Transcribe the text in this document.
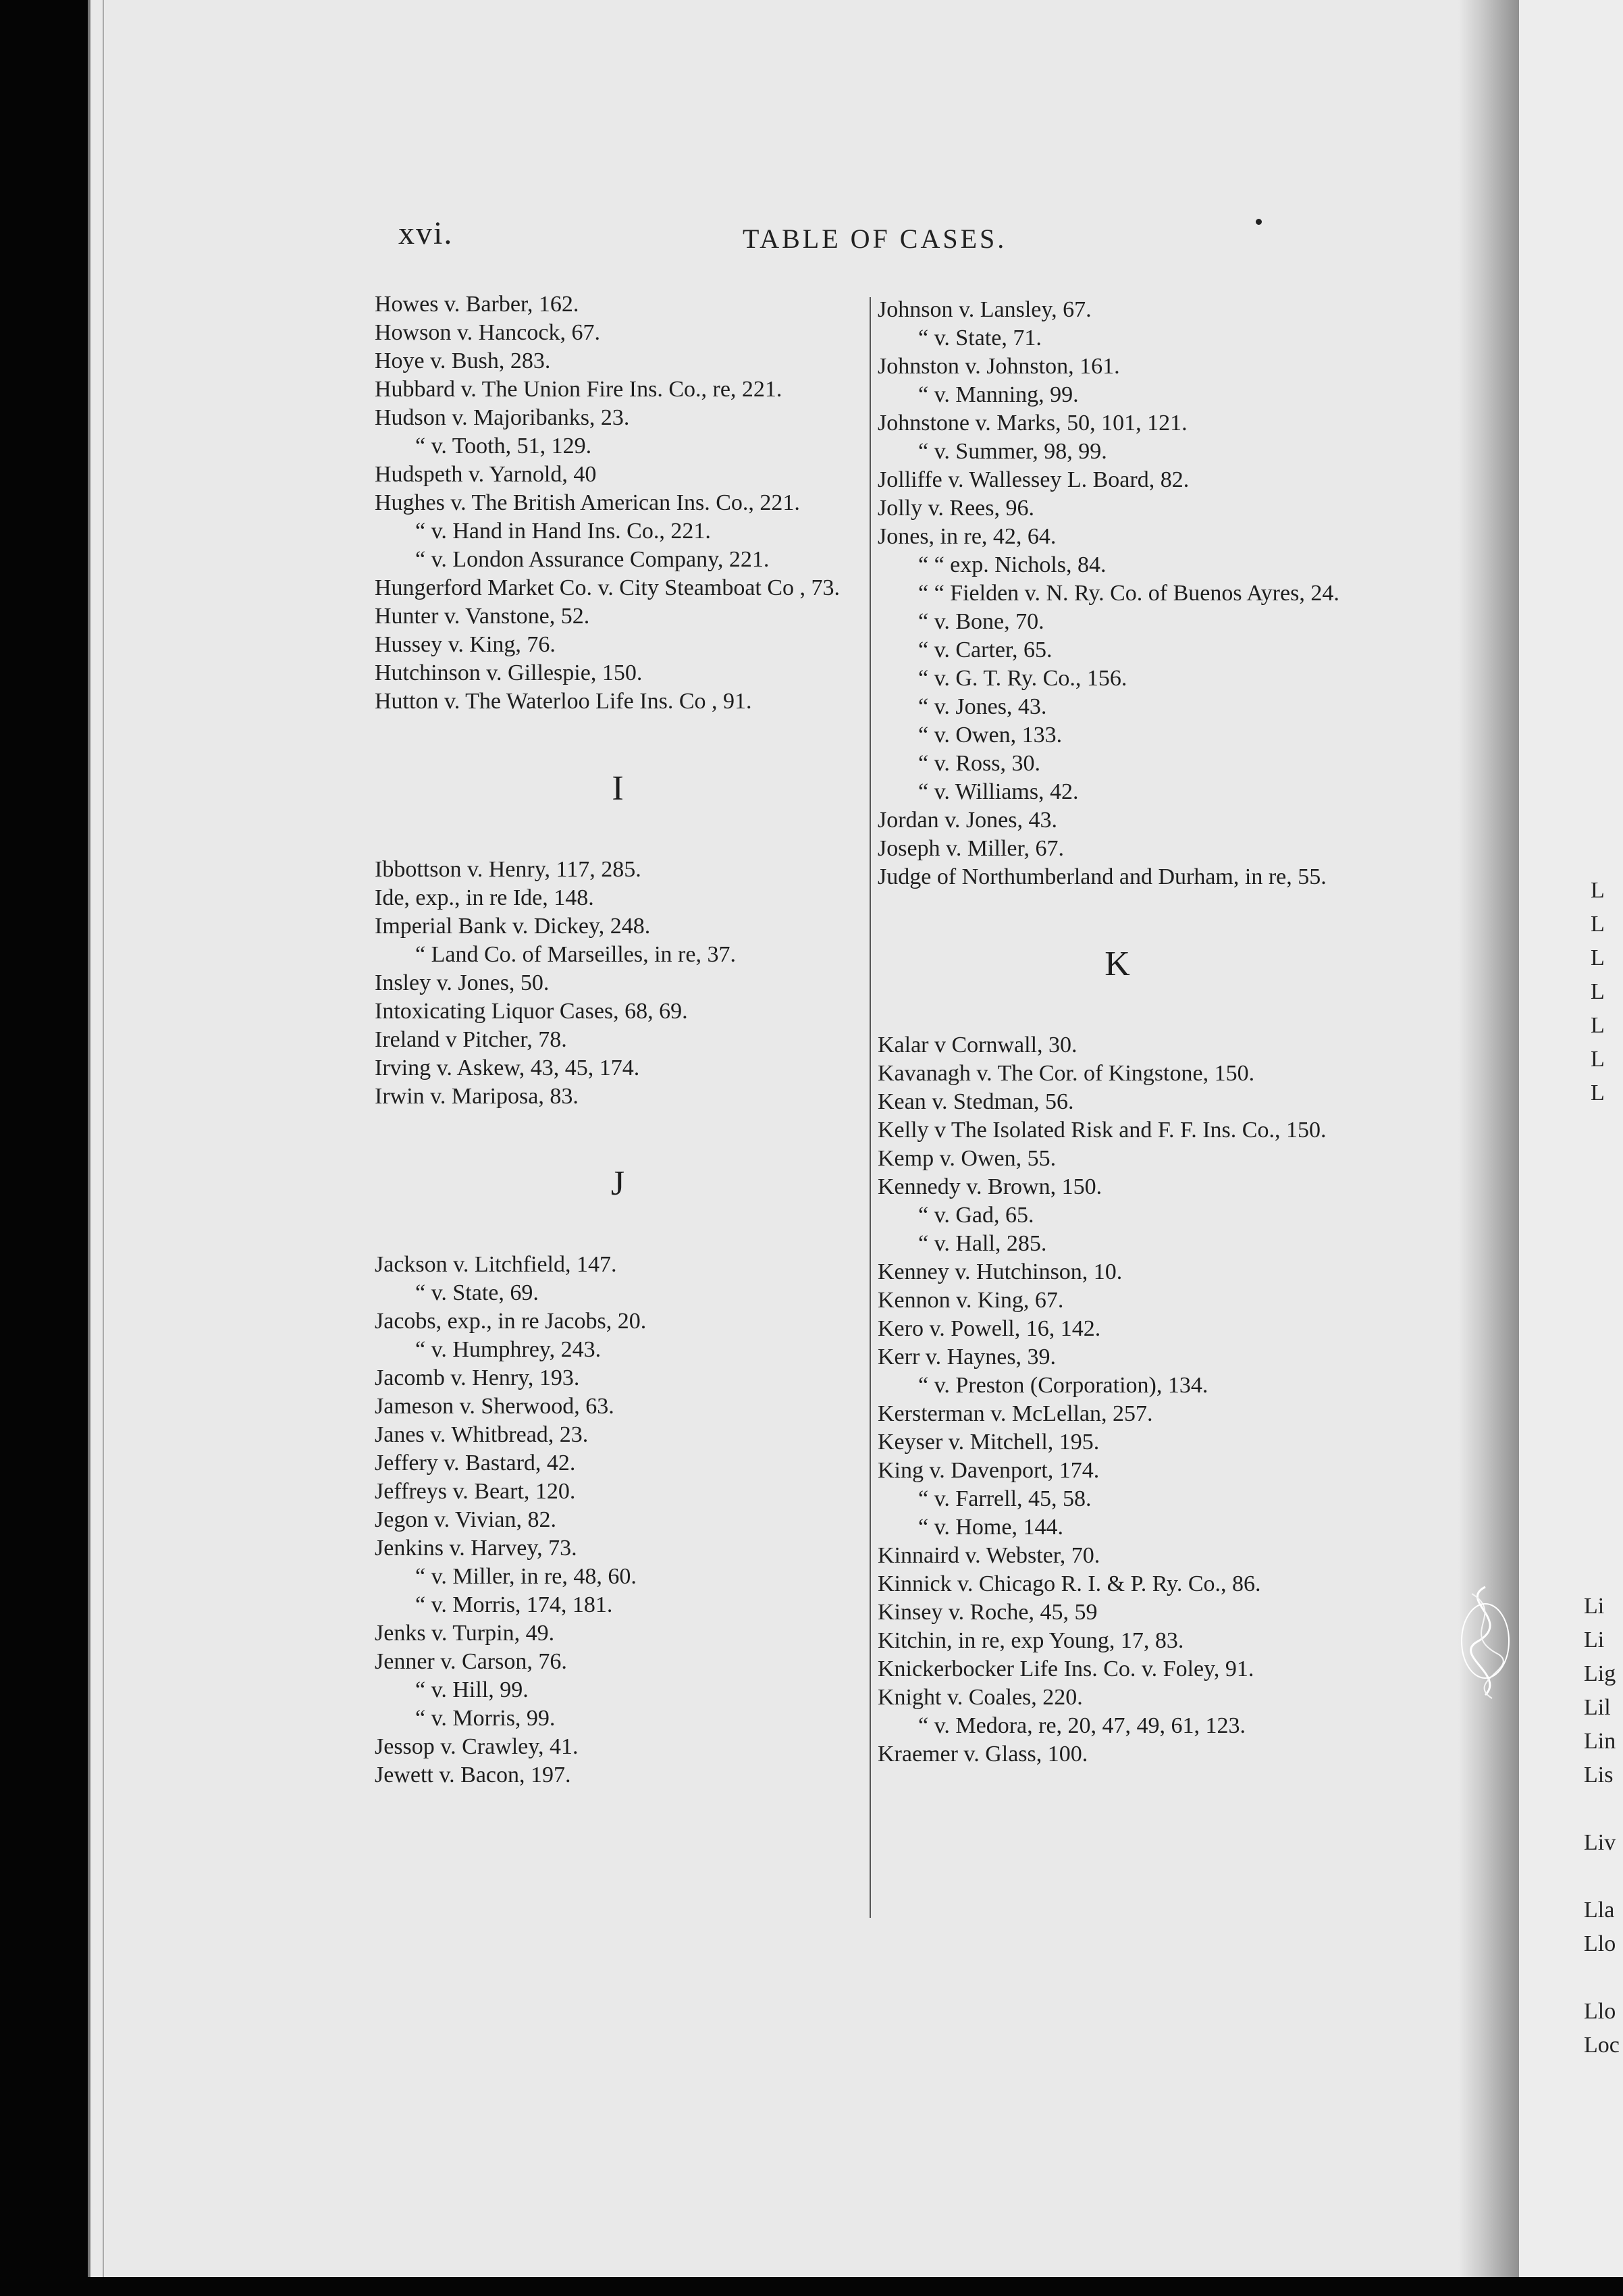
xvi.	TABLE OF CASES.

Howes v. Barber, 162.

Howson v. Hancock, 67.

Hoye v. Bush, 283.

Hubbard v. The Union Fire Ins. Co., re, 221.

Hudson v. Majoribanks, 23.

“ v. Tooth, 51, 129.

Hudspeth v. Yarnold, 40

Hughes v. The British American Ins. Co., 221.

“ v. Hand in Hand Ins. Co., 221.

“ v. London Assurance Company, 221.

Hungerford Market Co. v. City Steamboat Co , 73.

Hunter v. Vanstone, 52.

Hussey v. King, 76.

Hutchinson v. Gillespie, 150.

Hutton v. The Waterloo Life Ins. Co , 91.

I

Ibbottson v. Henry, 117, 285.

Ide, exp., in re Ide, 148.

Imperial Bank v. Dickey, 248.

“ Land Co. of Marseilles, in re, 37.

Insley v. Jones, 50.

Intoxicating Liquor Cases, 68, 69.

Ireland v Pitcher, 78.

Irving v. Askew, 43, 45, 174.

Irwin v. Mariposa, 83.

J

Jackson v. Litchfield, 147.

“ v. State, 69.

Jacobs, exp., in re Jacobs, 20.

“ v. Humphrey, 243.

Jacomb v. Henry, 193.

Jameson v. Sherwood, 63.

Janes v. Whitbread, 23.

Jeffery v. Bastard, 42.

Jeffreys v. Beart, 120.

Jegon v. Vivian, 82.

Jenkins v. Harvey, 73.

“ v. Miller, in re, 48, 60.

“ v. Morris, 174, 181.

Jenks v. Turpin, 49.

Jenner v. Carson, 76.

“ v. Hill, 99.

“ v. Morris, 99.

Jessop v. Crawley, 41.

Jewett v. Bacon, 197.

Johnson v. Lansley, 67.

“ v. State, 71.

Johnston v. Johnston, 161.

“ v. Manning, 99.

Johnstone v. Marks, 50, 101, 121.

“ v. Summer, 98, 99.

Jolliffe v. Wallessey L. Board, 82.

Jolly v. Rees, 96.

Jones, in re, 42, 64.

“ “ exp. Nichols, 84.

“ “ Fielden v. N. Ry. Co. of Buenos Ayres, 24.

“ v. Bone, 70.

“ v. Carter, 65.

“ v. G. T. Ry. Co., 156.

“ v. Jones, 43.

“ v. Owen, 133.

“ v. Ross, 30.

“ v. Williams, 42.

Jordan v. Jones, 43.

Joseph v. Miller, 67.

Judge of Northumberland and Durham, in re, 55.

K

Kalar v Cornwall, 30.

Kavanagh v. The Cor. of Kingstone, 150.

Kean v. Stedman, 56.

Kelly v The Isolated Risk and F. F. Ins. Co., 150.

Kemp v. Owen, 55.

Kennedy v. Brown, 150.

“ v. Gad, 65.

“ v. Hall, 285.

Kenney v. Hutchinson, 10.

Kennon v. King, 67.

Kero v. Powell, 16, 142.

Kerr v. Haynes, 39.

“ v. Preston (Corporation), 134.

Kersterman v. McLellan, 257.

Keyser v. Mitchell, 195.

King v. Davenport, 174.

“ v. Farrell, 45, 58.

“ v. Home, 144.

Kinnaird v. Webster, 70.

Kinnick v. Chicago R. I. & P. Ry. Co., 86.

Kinsey v. Roche, 45, 59

Kitchin, in re, exp Young, 17, 83.

Knickerbocker Life Ins. Co. v. Foley, 91.

Knight v. Coales, 220.

“ v. Medora, re, 20, 47, 49, 61, 123.

Kraemer v. Glass, 100.

L
L
L
L
L
L
L
Li
Li
Lig
Lil
Lin
Lis
Liv
Lla
Llo
Llo
Loc
